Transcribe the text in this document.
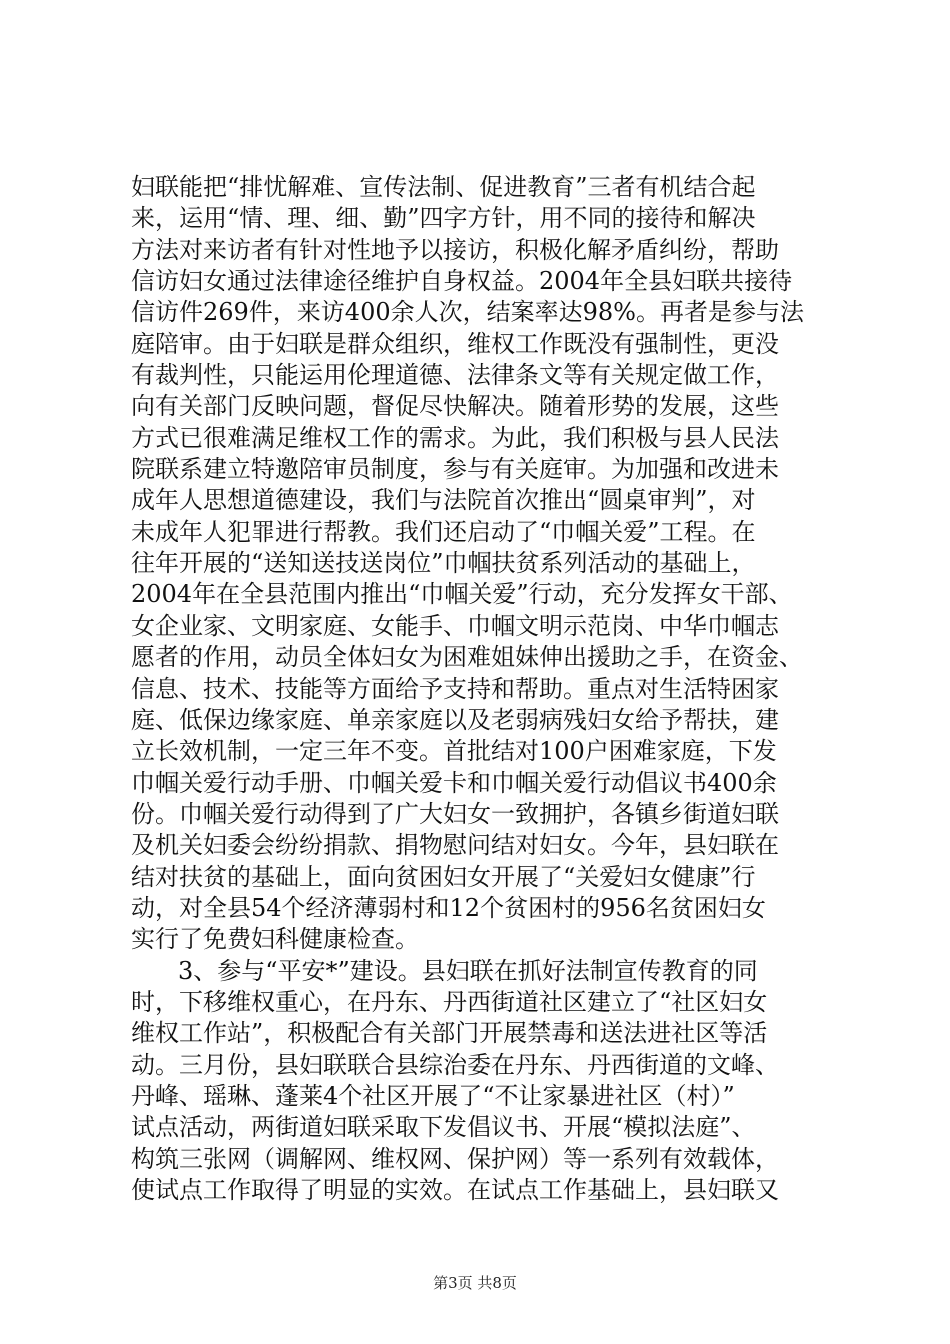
妇联能把“排忧解难、宣传法制、促进教育”三者有机结合起
来，运用“情、理、细、勤”四字方针，用不同的接待和解决
方法对来访者有针对性地予以接访，积极化解矛盾纠纷，帮助
信访妇女通过法律途径维护自身权益。2004年全县妇联共接待
信访件269件，来访400余人次，结案率达98%。再者是参与法
庭陪审。由于妇联是群众组织，维权工作既没有强制性，更没
有裁判性，只能运用伦理道德、法律条文等有关规定做工作，
向有关部门反映问题，督促尽快解决。随着形势的发展，这些
方式已很难满足维权工作的需求。为此，我们积极与县人民法
院联系建立特邀陪审员制度，参与有关庭审。为加强和改进未
成年人思想道德建设，我们与法院首次推出“圆桌审判”，对
未成年人犯罪进行帮教。我们还启动了“巾帼关爱”工程。在
往年开展的“送知送技送岗位”巾帼扶贫系列活动的基础上，
2004年在全县范围内推出“巾帼关爱”行动，充分发挥女干部、
女企业家、文明家庭、女能手、巾帼文明示范岗、中华巾帼志
愿者的作用，动员全体妇女为困难姐妹伸出援助之手，在资金、
信息、技术、技能等方面给予支持和帮助。重点对生活特困家
庭、低保边缘家庭、单亲家庭以及老弱病残妇女给予帮扶，建
立长效机制，一定三年不变。首批结对100户困难家庭，下发
巾帼关爱行动手册、巾帼关爱卡和巾帼关爱行动倡议书400余
份。巾帼关爱行动得到了广大妇女一致拥护，各镇乡街道妇联
及机关妇委会纷纷捐款、捐物慰问结对妇女。今年，县妇联在
结对扶贫的基础上，面向贫困妇女开展了“关爱妇女健康”行
动，对全县54个经济薄弱村和12个贫困村的956名贫困妇女
实行了免费妇科健康检查。
3、参与“平安*”建设。县妇联在抓好法制宣传教育的同
时，下移维权重心，在丹东、丹西街道社区建立了“社区妇女
维权工作站”，积极配合有关部门开展禁毒和送法进社区等活
动。三月份，县妇联联合县综治委在丹东、丹西街道的文峰、
丹峰、瑶琳、蓬莱4个社区开展了“不让家暴进社区（村）”
试点活动，两街道妇联采取下发倡议书、开展“模拟法庭”、
构筑三张网（调解网、维权网、保护网）等一系列有效载体，
使试点工作取得了明显的实效。在试点工作基础上，县妇联又
第3页 共8页
